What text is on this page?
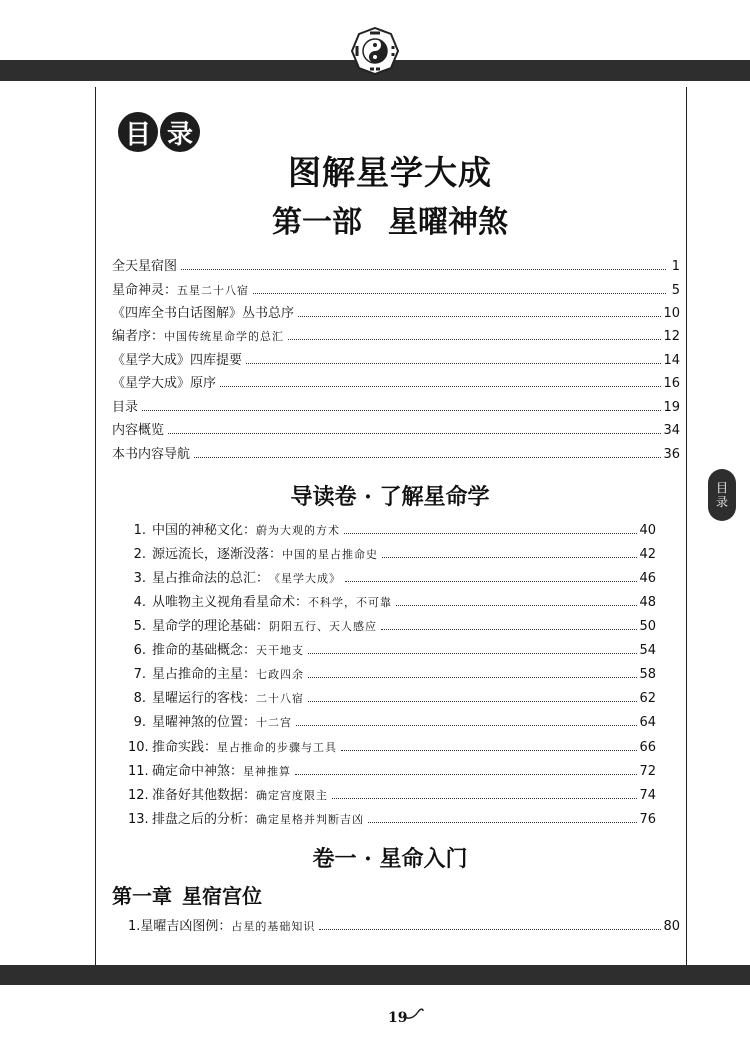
目 录
图解星学大成
第一部 星曜神煞
目
录
全天星宿图	1
星命神灵： 五星二十八宿	5
《四库全书白话图解》丛书总序	10
编者序： 中国传统星命学的总汇	12
《星学大成》四库提要	14
《星学大成》原序	16
目录	19
内容概览	34
本书内容导航	36
导读卷 · 了解星命学
1. 中国的神秘文化： 蔚为大观的方术	40
2. 源远流长，逐渐没落： 中国的星占推命史	42
3. 星占推命法的总汇： 《星学大成》	46
4. 从唯物主义视角看星命术： 不科学，不可靠	48
5. 星命学的理论基础： 阴阳五行、天人感应	50
6. 推命的基础概念： 天干地支	54
7. 星占推命的主星： 七政四余	58
8. 星曜运行的客栈： 二十八宿	62
9. 星曜神煞的位置： 十二宫	64
10. 推命实践： 星占推命的步骤与工具	66
11. 确定命中神煞： 星神推算	72
12. 准备好其他数据： 确定宫度限主	74
13. 排盘之后的分析： 确定星格并判断吉凶	76
卷一 · 星命入门
第一章 星宿宫位
1.星曜吉凶图例： 占星的基础知识	80
19
